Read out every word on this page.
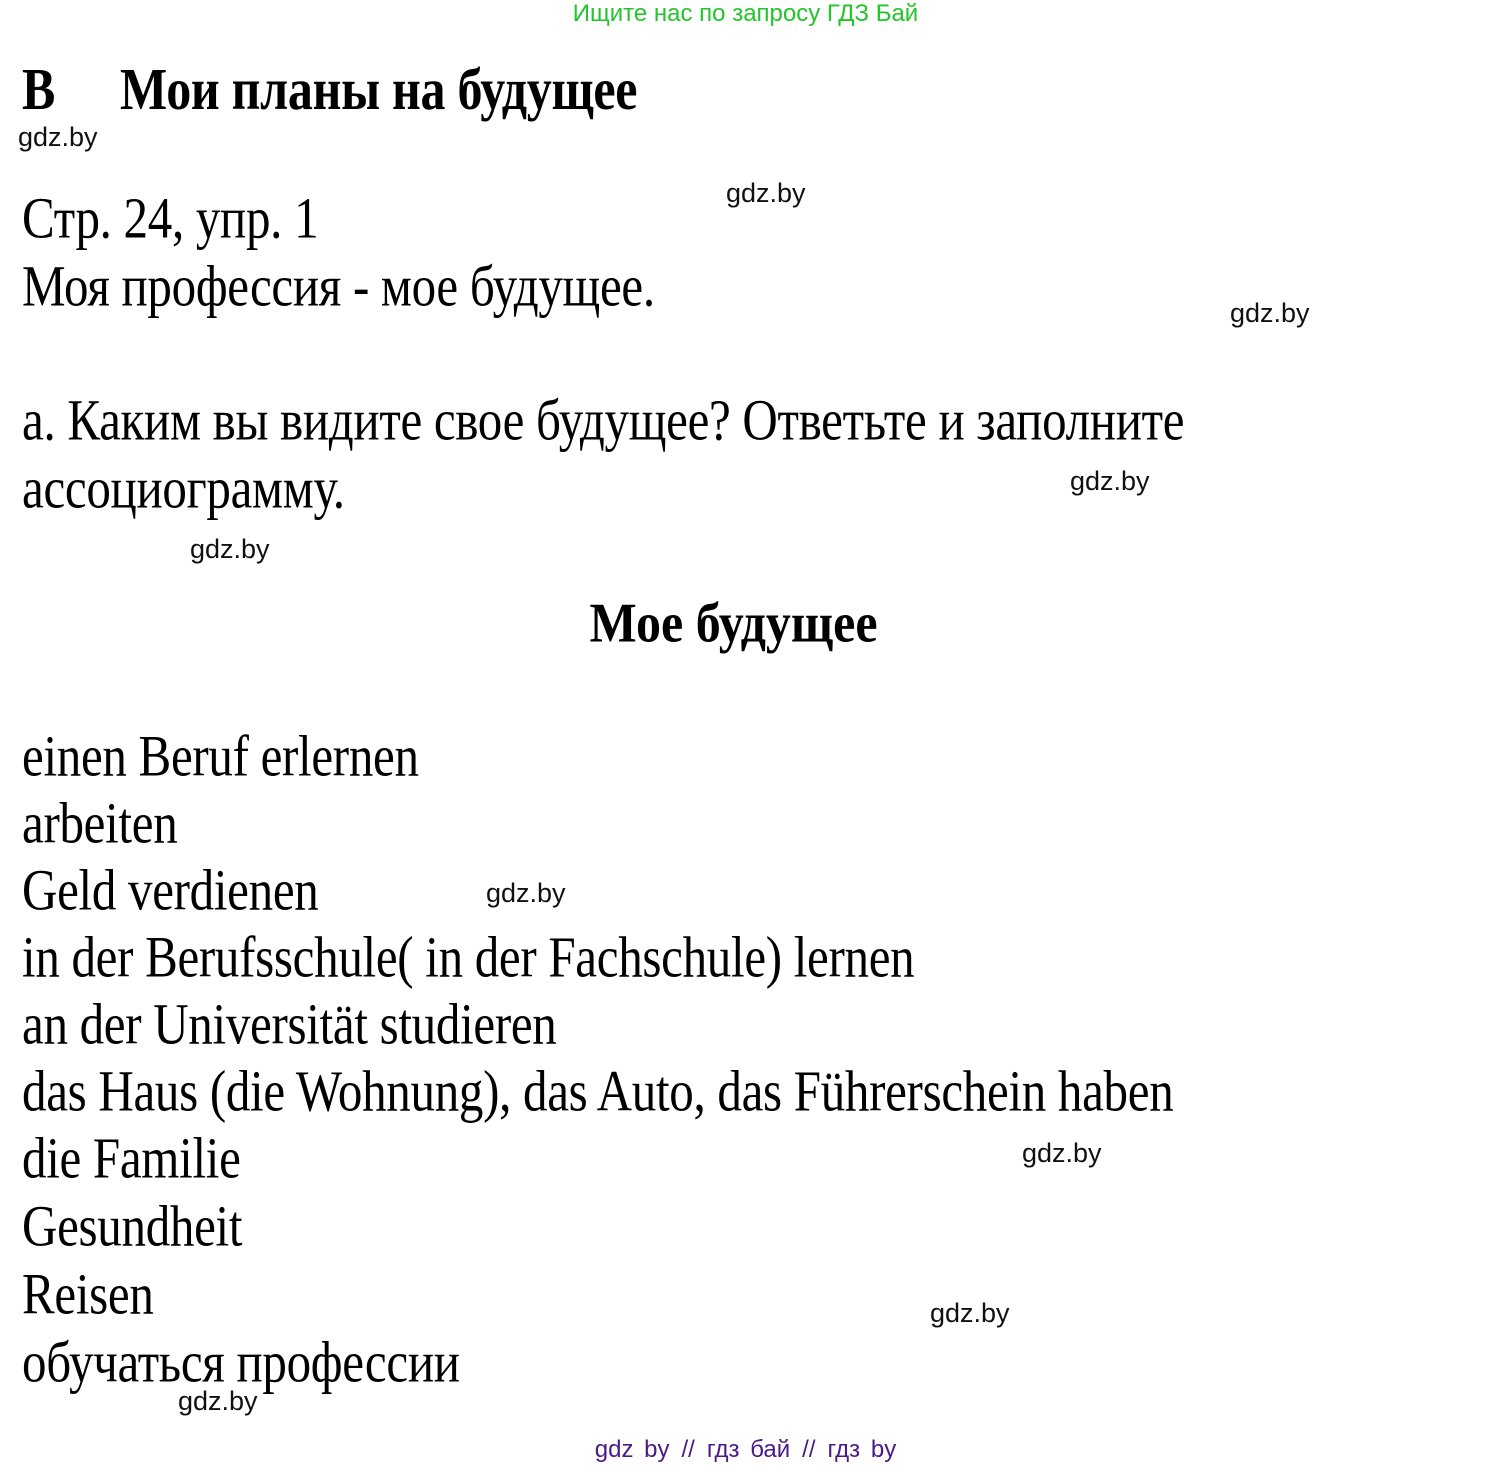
Ищите нас по запросу ГДЗ Бай
В Мои планы на будущее
gdz.by
gdz.by
gdz.by
gdz.by
gdz.by
gdz.by
gdz.by
gdz.by
gdz.by
Стр. 24, упр. 1
Моя профессия - мое будущее.
а. Каким вы видите свое будущее? Ответьте и заполните
ассоциограмму.
Мое будущее
einen Beruf erlernen
arbeiten
Geld verdienen
in der Berufsschule( in der Fachschule) lernen
an der Universität studieren
das Haus (die Wohnung), das Auto, das Führerschein haben
die Familie
Gesundheit
Reisen
обучаться профессии
gdz by // гдз бай // гдз by
